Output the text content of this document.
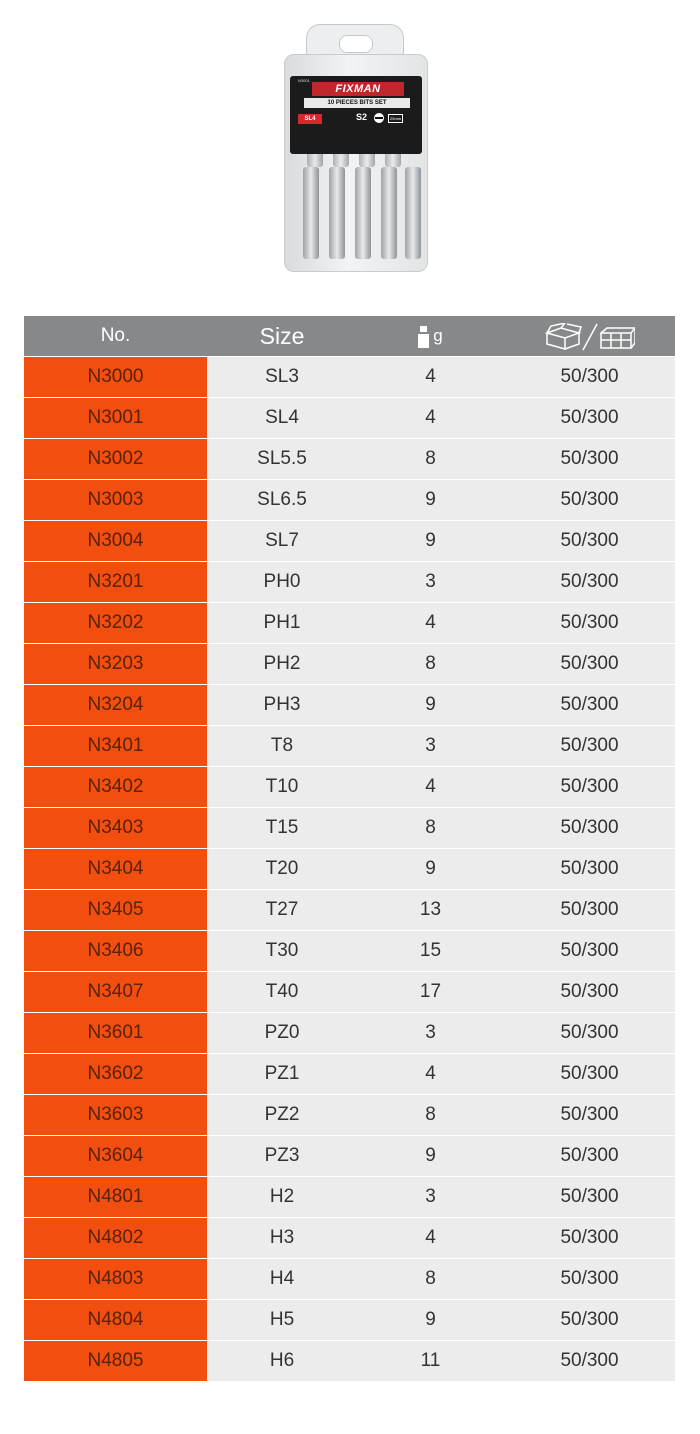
N3001
FIXMAN
10 PIECES BITS SET
SL4	S2	25mm
No.	Size	g
N3000	SL3	4	50/300
N3001	SL4	4	50/300
N3002	SL5.5	8	50/300
N3003	SL6.5	9	50/300
N3004	SL7	9	50/300
N3201	PH0	3	50/300
N3202	PH1	4	50/300
N3203	PH2	8	50/300
N3204	PH3	9	50/300
N3401	T8	3	50/300
N3402	T10	4	50/300
N3403	T15	8	50/300
N3404	T20	9	50/300
N3405	T27	13	50/300
N3406	T30	15	50/300
N3407	T40	17	50/300
N3601	PZ0	3	50/300
N3602	PZ1	4	50/300
N3603	PZ2	8	50/300
N3604	PZ3	9	50/300
N4801	H2	3	50/300
N4802	H3	4	50/300
N4803	H4	8	50/300
N4804	H5	9	50/300
N4805	H6	11	50/300
